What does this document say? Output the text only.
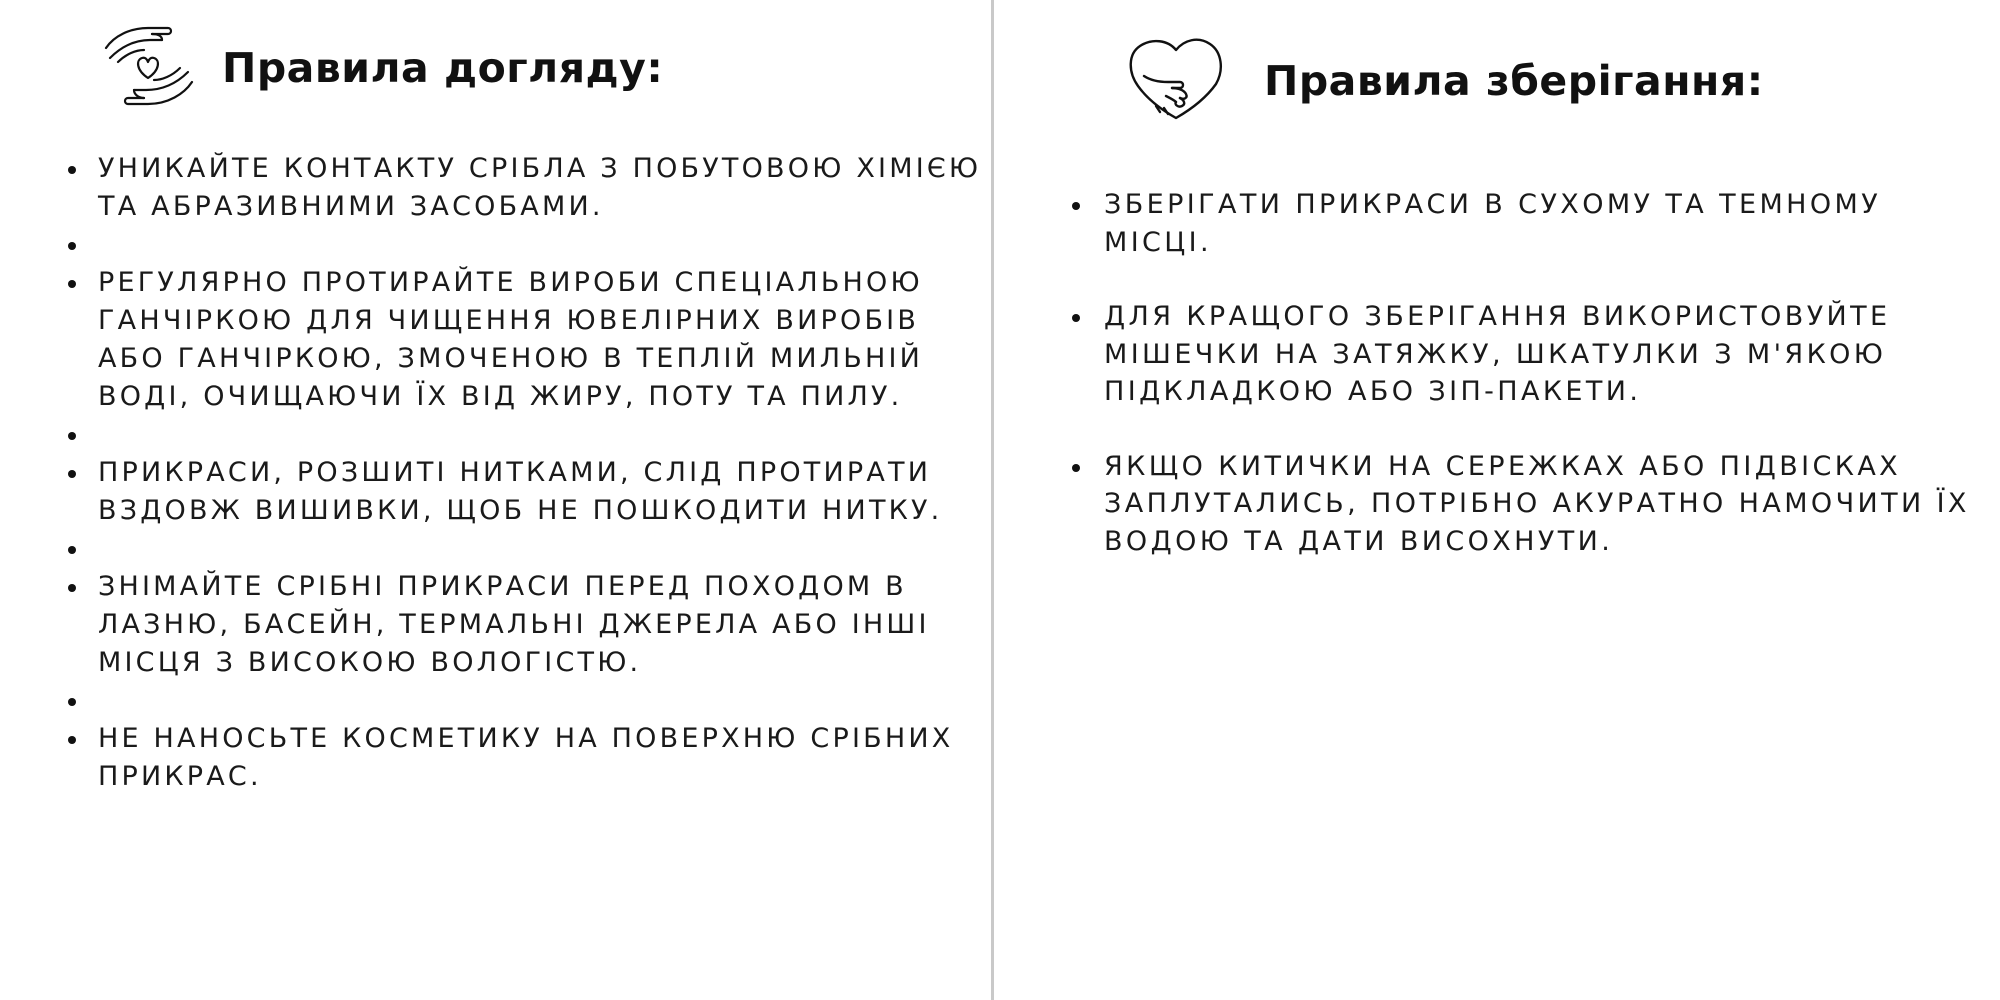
Правила догляду:
УНИКАЙТЕ КОНТАКТУ СРІБЛА З ПОБУТОВОЮ ХІМІЄЮ ТА АБРАЗИВНИМИ ЗАСОБАМИ.
РЕГУЛЯРНО ПРОТИРАЙТЕ ВИРОБИ СПЕЦІАЛЬНОЮ ГАНЧІРКОЮ ДЛЯ ЧИЩЕННЯ ЮВЕЛІРНИХ ВИРОБІВ АБО ГАНЧІРКОЮ, ЗМОЧЕНОЮ В ТЕПЛІЙ МИЛЬНІЙ ВОДІ, ОЧИЩАЮЧИ ЇХ ВІД ЖИРУ, ПОТУ ТА ПИЛУ.
ПРИКРАСИ, РОЗШИТІ НИТКАМИ, СЛІД ПРОТИРАТИ ВЗДОВЖ ВИШИВКИ, ЩОБ НЕ ПОШКОДИТИ НИТКУ.
ЗНІМАЙТЕ СРІБНІ ПРИКРАСИ ПЕРЕД ПОХОДОМ В ЛАЗНЮ, БАСЕЙН, ТЕРМАЛЬНІ ДЖЕРЕЛА АБО ІНШІ МІСЦЯ З ВИСОКОЮ ВОЛОГІСТЮ.
НЕ НАНОСЬТЕ КОСМЕТИКУ НА ПОВЕРХНЮ СРІБНИХ ПРИКРАС.
Правила зберігання:
ЗБЕРІГАТИ ПРИКРАСИ В СУХОМУ ТА ТЕМНОМУ МІСЦІ.
ДЛЯ КРАЩОГО ЗБЕРІГАННЯ ВИКОРИСТОВУЙТЕ МІШЕЧКИ НА ЗАТЯЖКУ, ШКАТУЛКИ З М'ЯКОЮ ПІДКЛАДКОЮ АБО ЗІП-ПАКЕТИ.
ЯКЩО КИТИЧКИ НА СЕРЕЖКАХ АБО ПІДВІСКАХ ЗАПЛУТАЛИСЬ, ПОТРІБНО АКУРАТНО НАМОЧИТИ ЇХ ВОДОЮ ТА ДАТИ ВИСОХНУТИ.
